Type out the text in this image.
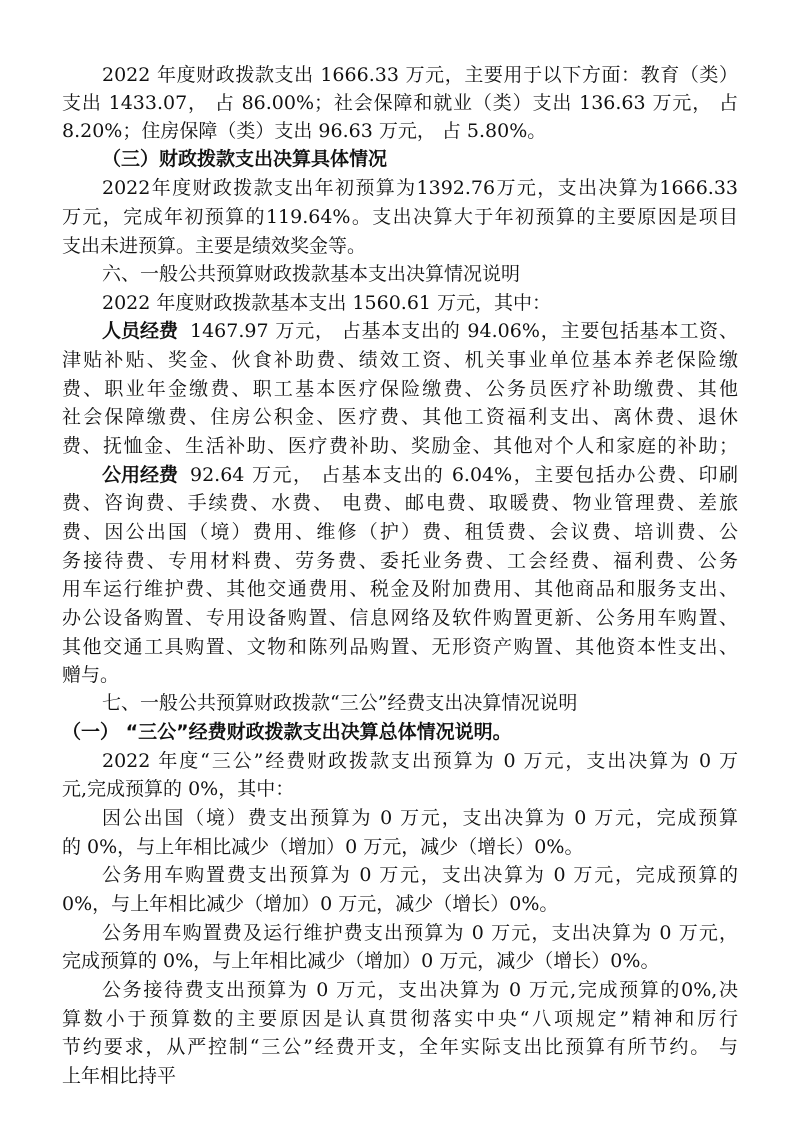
2022 年度财政拨款支出 1666.33 万元，主要用于以下方面：教育（类）
支出 1433.07， 占 86.00%；社会保障和就业（类）支出 136.63 万元， 占
8.20%；住房保障（类）支出 96.63 万元， 占 5.80%。
（三）财政拨款支出决算具体情况
2022年度财政拨款支出年初预算为1392.76万元，支出决算为1666.33
万元，完成年初预算的119.64%。支出决算大于年初预算的主要原因是项目
支出未进预算。主要是绩效奖金等。
六、一般公共预算财政拨款基本支出决算情况说明
2022 年度财政拨款基本支出 1560.61 万元，其中：
人员经费 1467.97 万元， 占基本支出的 94.06%，主要包括基本工资、
津贴补贴、奖金、伙食补助费、绩效工资、机关事业单位基本养老保险缴
费、职业年金缴费、职工基本医疗保险缴费、公务员医疗补助缴费、其他
社会保障缴费、住房公积金、医疗费、其他工资福利支出、离休费、退休
费、抚恤金、生活补助、医疗费补助、奖励金、其他对个人和家庭的补助；
公用经费 92.64 万元， 占基本支出的 6.04%，主要包括办公费、印刷
费、咨询费、手续费、水费、 电费、邮电费、取暖费、物业管理费、差旅
费、因公出国（境）费用、维修（护）费、租赁费、会议费、培训费、公
务接待费、专用材料费、劳务费、委托业务费、工会经费、福利费、公务
用车运行维护费、其他交通费用、税金及附加费用、其他商品和服务支出、
办公设备购置、专用设备购置、信息网络及软件购置更新、公务用车购置、
其他交通工具购置、文物和陈列品购置、无形资产购置、其他资本性支出、
赠与。
七、一般公共预算财政拨款“三公”经费支出决算情况说明
（一） “三公”经费财政拨款支出决算总体情况说明。
2022 年度“三公”经费财政拨款支出预算为 0 万元，支出决算为 0 万
元,完成预算的 0%，其中：
因公出国（境）费支出预算为 0 万元，支出决算为 0 万元，完成预算
的 0%，与上年相比减少（增加）0 万元，减少（增长）0%。
公务用车购置费支出预算为 0 万元，支出决算为 0 万元，完成预算的
0%，与上年相比减少（增加）0 万元，减少（增长）0%。
公务用车购置费及运行维护费支出预算为 0 万元，支出决算为 0 万元，
完成预算的 0%，与上年相比减少（增加）0 万元，减少（增长）0%。
公务接待费支出预算为 0 万元，支出决算为 0 万元,完成预算的0%,决
算数小于预算数的主要原因是认真贯彻落实中央“八项规定”精神和厉行
节约要求，从严控制“三公”经费开支，全年实际支出比预算有所节约。 与
上年相比持平
